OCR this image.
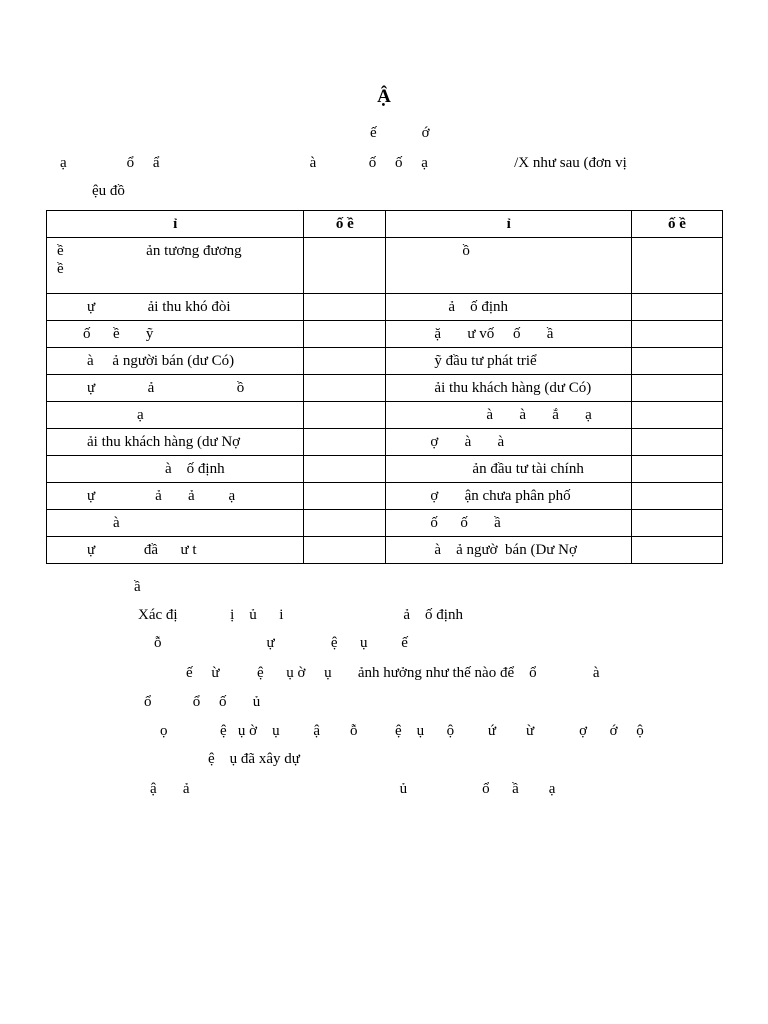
Ậ
ế            ớ
ạ                ổ     ẩ                                        à              ố     ố     ạ                       /X như sau (đơn vị
ệu đồ
ỉ	ố ề	ỉ	ố ề

ề                      ản tương đương
ề		ồ	

ự              ải thu khó đòi		ả    ố định	

ố      ề       ỹ		ặ       ư vố     ố       ầ	

à     ả người bán (dư Có)		ỹ đầu tư phát triể	

ự              ả                      ồ		ải thu khách hàng (dư Có)	

ạ		à       à       ắ       ạ	

ải thu khách hàng (dư Nợ		ợ       à       à	

à    ố định		ản đầu tư tài chính	

ự                ả       ả         ạ		ợ       ận chưa phân phố	

à		ố      ố       ầ	

ự             đầ      ư t		à    ả ngườ  bán (Dư Nợ	

ầ
Xác đị              ị    ủ      i                                ả    ố định
ỗ                            ự               ệ      ụ         ế
ế     ừ          ệ      ụ ờ     ụ       ảnh hưởng như thế nào để    ổ               à
ổ           ổ     ố       ủ
ọ              ệ   ụ ờ    ụ         ậ        ỗ          ệ    ụ      ộ         ứ        ừ            ợ      ớ     ộ
ệ    ụ đã xây dự
ậ       ả                                                        ủ                    ổ      ầ        ạ
